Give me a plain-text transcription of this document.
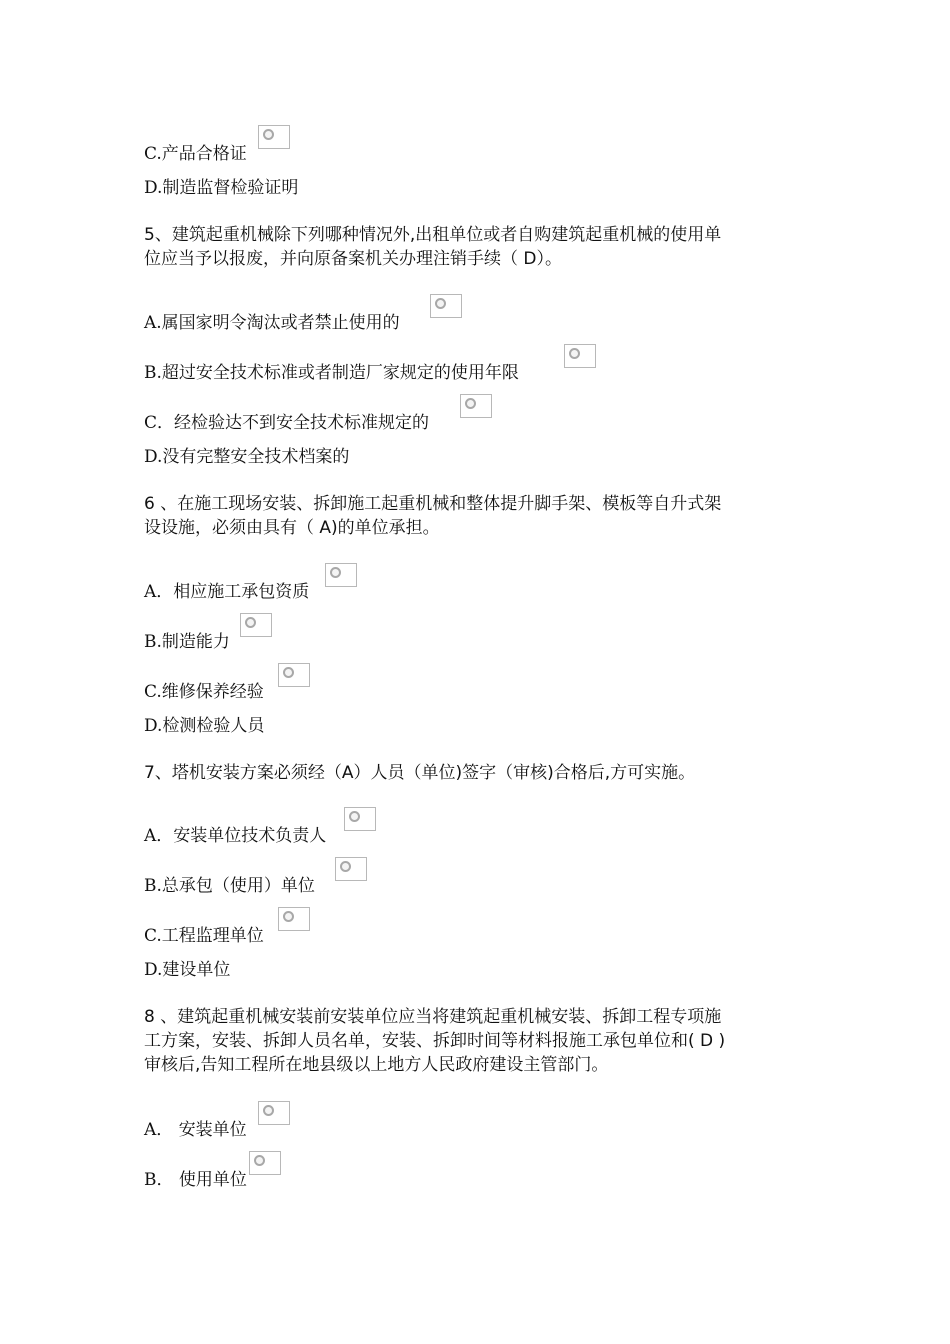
C.产品合格证
D.制造监督检验证明
5、建筑起重机械除下列哪种情况外,出租单位或者自购建筑起重机械的使用单
位应当予以报废，并向原备案机关办理注销手续（ D）。
A.属国家明令淘汰或者禁止使用的
B.超过安全技术标准或者制造厂家规定的使用年限
C．经检验达不到安全技术标准规定的
D.没有完整安全技术档案的
6 、在施工现场安装、拆卸施工起重机械和整体提升脚手架、模板等自升式架
设设施，必须由具有（ A)的单位承担。
A．相应施工承包资质
B.制造能力
C.维修保养经验
D.检测检验人员
7、塔机安装方案必须经（A）人员（单位)签字（审核)合格后,方可实施。
A．安装单位技术负责人
B.总承包（使用）单位
C.工程监理单位
D.建设单位
8 、建筑起重机械安装前安装单位应当将建筑起重机械安装、拆卸工程专项施
工方案，安装、拆卸人员名单，安装、拆卸时间等材料报施工承包单位和( D )
审核后,告知工程所在地县级以上地方人民政府建设主管部门。
A． 安装单位
B． 使用单位
